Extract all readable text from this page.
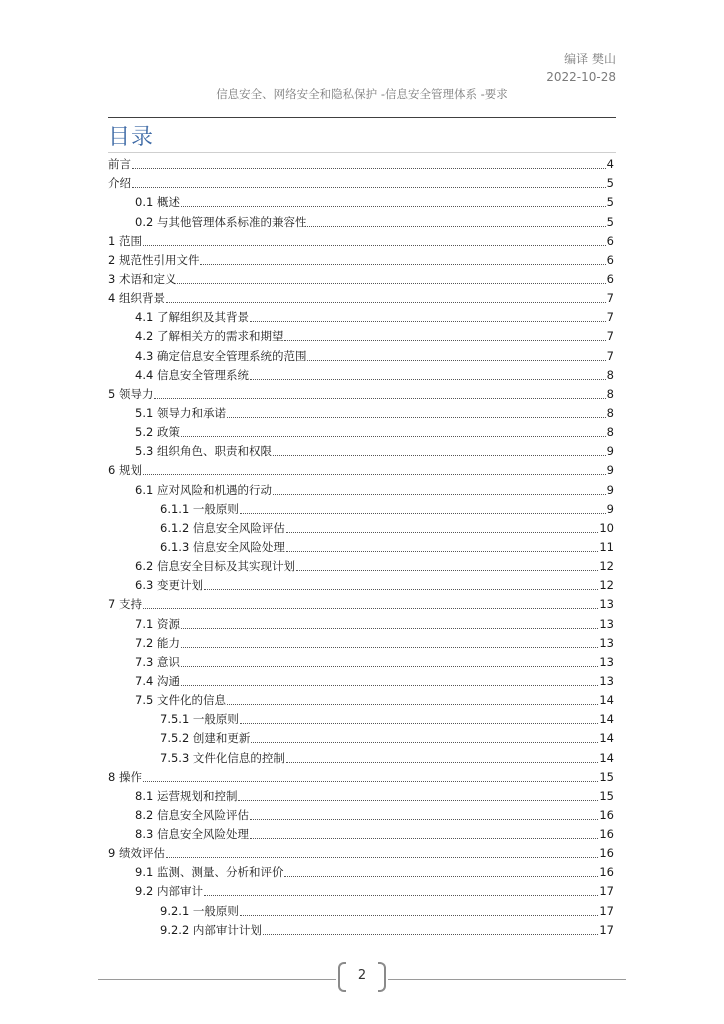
编译 樊山
2022-10-28
信息安全、网络安全和隐私保护 -信息安全管理体系 -要求
目录
前言	4
介绍	5
0.1 概述	5
0.2 与其他管理体系标准的兼容性	5
1 范围	6
2 规范性引用文件	6
3 术语和定义	6
4 组织背景	7
4.1 了解组织及其背景	7
4.2 了解相关方的需求和期望	7
4.3 确定信息安全管理系统的范围	7
4.4 信息安全管理系统	8
5 领导力	8
5.1 领导力和承诺	8
5.2 政策	8
5.3 组织角色、职责和权限	9
6 规划	9
6.1 应对风险和机遇的行动	9
6.1.1 一般原则	9
6.1.2 信息安全风险评估	10
6.1.3 信息安全风险处理	11
6.2 信息安全目标及其实现计划	12
6.3 变更计划	12
7 支持	13
7.1 资源	13
7.2 能力	13
7.3 意识	13
7.4 沟通	13
7.5 文件化的信息	14
7.5.1 一般原则	14
7.5.2 创建和更新	14
7.5.3 文件化信息的控制	14
8 操作	15
8.1 运营规划和控制	15
8.2 信息安全风险评估	16
8.3 信息安全风险处理	16
9 绩效评估	16
9.1 监测、测量、分析和评价	16
9.2 内部审计	17
9.2.1 一般原则	17
9.2.2 内部审计计划	17
2
